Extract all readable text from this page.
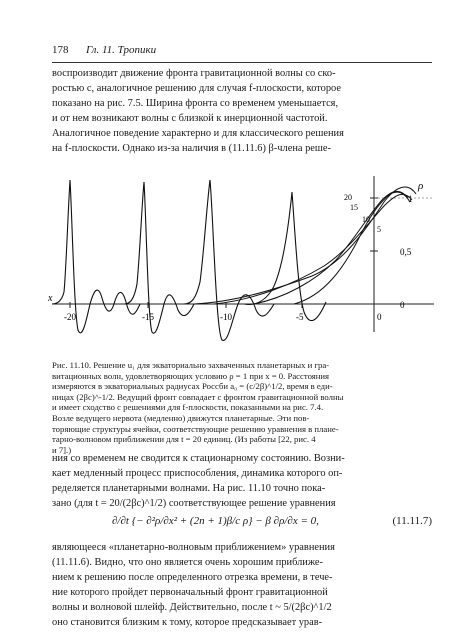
178 Гл. 11. Тропики
воспроизводит движение фронта гравитационной волны со ско-
ростью c, аналогичное решению для случая f-плоскости, которое
показано на рис. 7.5. Ширина фронта со временем уменьшается,
и от нем возникают волны с близкой к инерционной частотой.
Аналогичное поведение характерно и для классического решения
на f-плоскости. Однако из-за наличия в (11.11.6) β-члена реше-
-20	-15	-10	-5	0
1
0,5
0
x
ρ
20
15
10
5
Рис. 11.10. Решение u₁ для экваториально захваченных планетарных и гра-
витационных волн, удовлетворяющих условию ρ = 1 при x = 0. Расстояния
измеряются в экваториальных радиусах Россби a₀ = (c/2β)^1/2, время в еди-
ницах (2βc)^-1/2. Ведущий фронт совпадает с фронтом гравитационной волны
и имеет сходство с решениями для f-плоскости, показанными на рис. 7.4.
Возле ведущего нервота (медленно) движутся планетарные. Эти пов-
торяющие структуры ячейки, соответствующие решению уравнения в планe-
тарно-волновом приближении для t = 20 единиц. (Из работы [22, рис. 4
и 7].)
ния со временем не сводится к стационарному состоянию. Возни-
кает медленный процесс приспособления, динамика которого оп-
ределяется планетарными волнами. На рис. 11.10 точно пока-
зано (для t = 20/(2βc)^1/2) соответствующее решение уравнения
∂/∂t {− ∂²ρ/∂x² + (2n + 1)β/c ρ} − β ∂ρ/∂x = 0,	(11.11.7)
являющееся «планетарно-волновым приближением» уравнения
(11.11.6). Видно, что оно является очень хорошим приближе-
нием к решению после определенного отрезка времени, в тече-
ние которого пройдет первоначальный фронт гравитационной
волны и волновой шлейф. Действительно, после t ~ 5/(2βc)^1/2
оно становится близким к тому, которое предсказывает урав-
